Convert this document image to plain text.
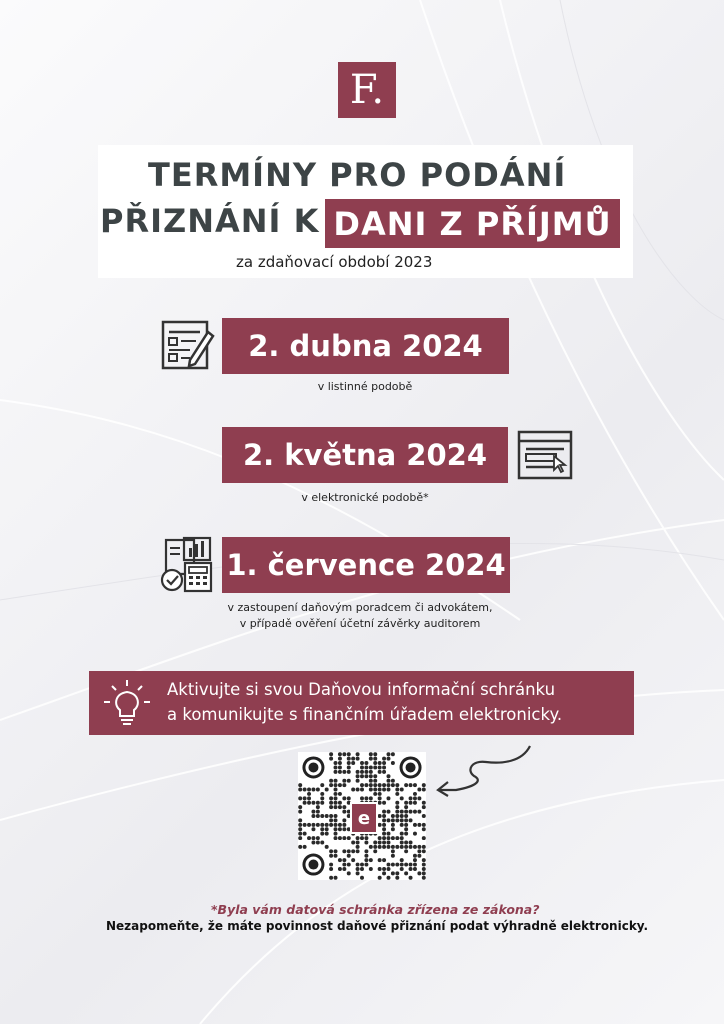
F.
TERMÍNY PRO PODÁNÍ
PŘIZNÁNÍ K DANI Z PŘÍJMŮ
za zdaňovací období 2023
2. dubna 2024
v listinné podobě
2. května 2024
v elektronické podobě*
1. července 2024
v zastoupení daňovým poradcem či advokátem,
v případě ověření účetní závěrky auditorem
Aktivujte si svou Daňovou informační schránku
a komunikujte s finančním úřadem elektronicky.
e
*Byla vám datová schránka zřízena ze zákona?
Nezapomeňte, že máte povinnost daňové přiznání podat výhradně elektronicky.
